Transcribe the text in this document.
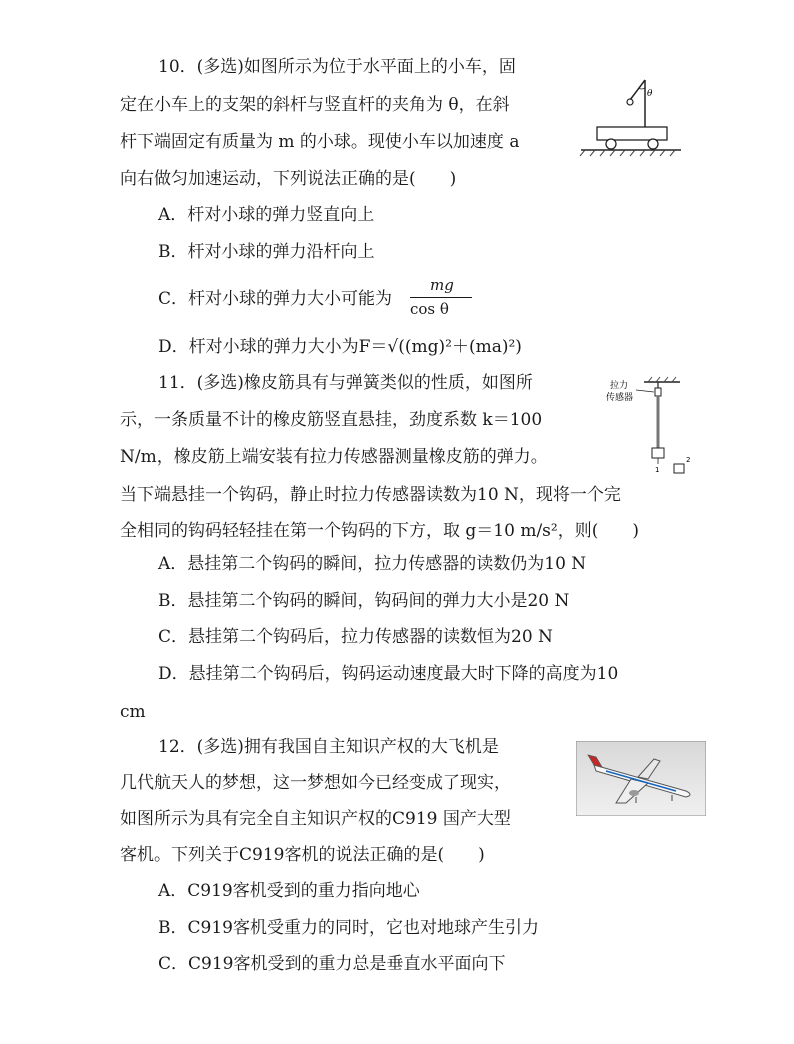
10．(多选)如图所示为位于水平面上的小车，固
定在小车上的支架的斜杆与竖直杆的夹角为 θ，在斜
杆下端固定有质量为 m 的小球。现使小车以加速度 a
向右做匀加速运动，下列说法正确的是(　　)
A．杆对小球的弹力竖直向上
B．杆对小球的弹力沿杆向上
C．杆对小球的弹力大小可能为
mg
cos θ
D．杆对小球的弹力大小为F＝√((mg)²＋(ma)²)
θ
11．(多选)橡皮筋具有与弹簧类似的性质，如图所
示，一条质量不计的橡皮筋竖直悬挂，劲度系数 k＝100
N/m，橡皮筋上端安装有拉力传感器测量橡皮筋的弹力。
当下端悬挂一个钩码，静止时拉力传感器读数为10 N，现将一个完
全相同的钩码轻轻挂在第一个钩码的下方，取 g＝10 m/s²，则(　　)
A．悬挂第二个钩码的瞬间，拉力传感器的读数仍为10 N
B．悬挂第二个钩码的瞬间，钩码间的弹力大小是20 N
C．悬挂第二个钩码后，拉力传感器的读数恒为20 N
D．悬挂第二个钩码后，钩码运动速度最大时下降的高度为10
cm
拉力
传感器
1
2
12．(多选)拥有我国自主知识产权的大飞机是
几代航天人的梦想，这一梦想如今已经变成了现实，
如图所示为具有完全自主知识产权的C919 国产大型
客机。下列关于C919客机的说法正确的是(　　)
A．C919客机受到的重力指向地心
B．C919客机受重力的同时，它也对地球产生引力
C．C919客机受到的重力总是垂直水平面向下
